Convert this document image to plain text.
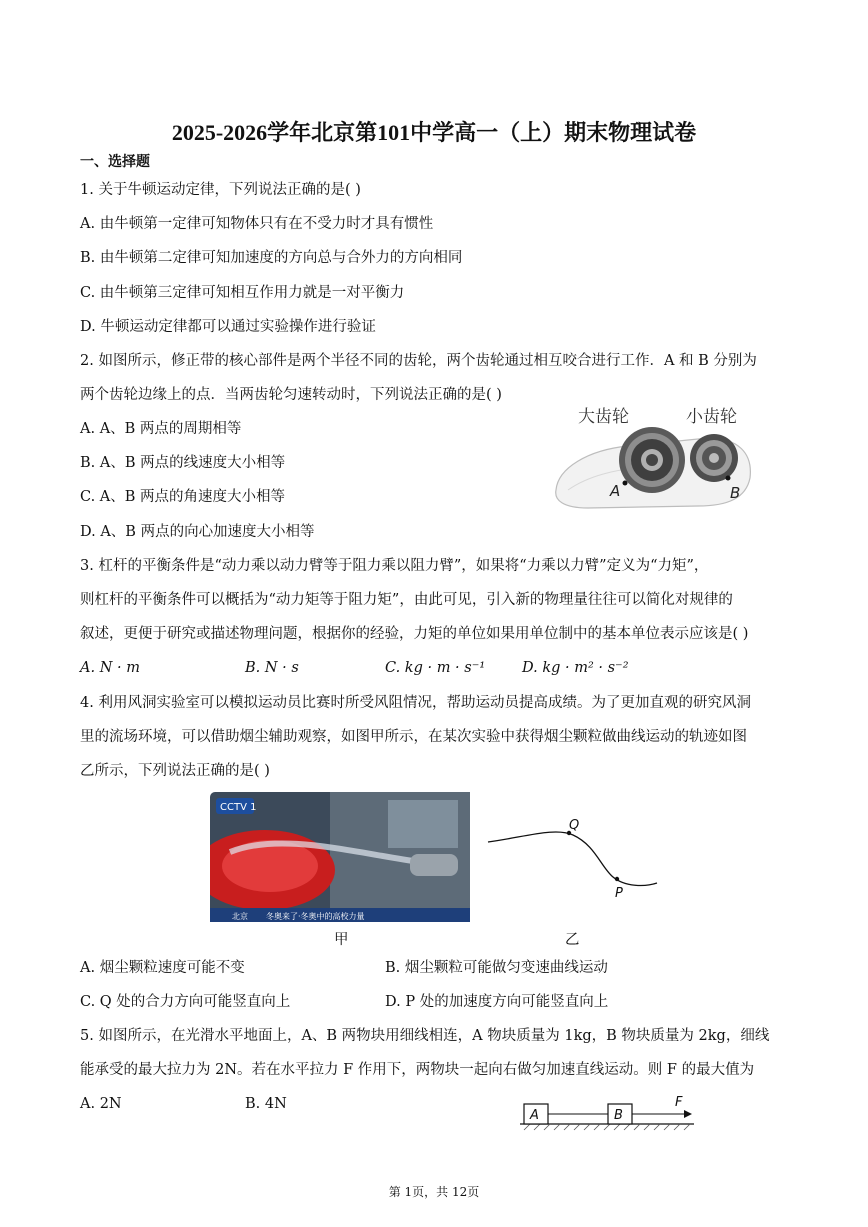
2025-2026学年北京第101中学高一（上）期末物理试卷
一、选择题
1. 关于牛顿运动定律，下列说法正确的是( )
A. 由牛顿第一定律可知物体只有在不受力时才具有惯性
B. 由牛顿第二定律可知加速度的方向总与合外力的方向相同
C. 由牛顿第三定律可知相互作用力就是一对平衡力
D. 牛顿运动定律都可以通过实验操作进行验证
2. 如图所示，修正带的核心部件是两个半径不同的齿轮，两个齿轮通过相互咬合进行工作．A 和 B 分别为
两个齿轮边缘上的点．当两齿轮匀速转动时，下列说法正确的是( )
A. A、B 两点的周期相等
B. A、B 两点的线速度大小相等
C. A、B 两点的角速度大小相等
D. A、B 两点的向心加速度大小相等
大齿轮	小齿轮
A	B
3. 杠杆的平衡条件是“动力乘以动力臂等于阻力乘以阻力臂”，如果将“力乘以力臂”定义为“力矩”，
则杠杆的平衡条件可以概括为“动力矩等于阻力矩”，由此可见，引入新的物理量往往可以简化对规律的
叙述，更便于研究或描述物理问题，根据你的经验，力矩的单位如果用单位制中的基本单位表示应该是( )
A. N · m	B. N · s	C. kg · m · s⁻¹	D. kg · m² · s⁻²
4. 利用风洞实验室可以模拟运动员比赛时所受风阻情况，帮助运动员提高成绩。为了更加直观的研究风洞
里的流场环境，可以借助烟尘辅助观察，如图甲所示，在某次实验中获得烟尘颗粒做曲线运动的轨迹如图
乙所示，下列说法正确的是( )
CCTV 1
北京 冬奥来了·冬奥中的高校力量
甲
Q
P
乙
A. 烟尘颗粒速度可能不变	B. 烟尘颗粒可能做匀变速曲线运动
C. Q 处的合力方向可能竖直向上	D. P 处的加速度方向可能竖直向上
5. 如图所示，在光滑水平地面上，A、B 两物块用细线相连，A 物块质量为 1kg，B 物块质量为 2kg，细线
能承受的最大拉力为 2N。若在水平拉力 F 作用下，两物块一起向右做匀加速直线运动。则 F 的最大值为
A. 2N	B. 4N
A	B
F
第 1页，共 12页
